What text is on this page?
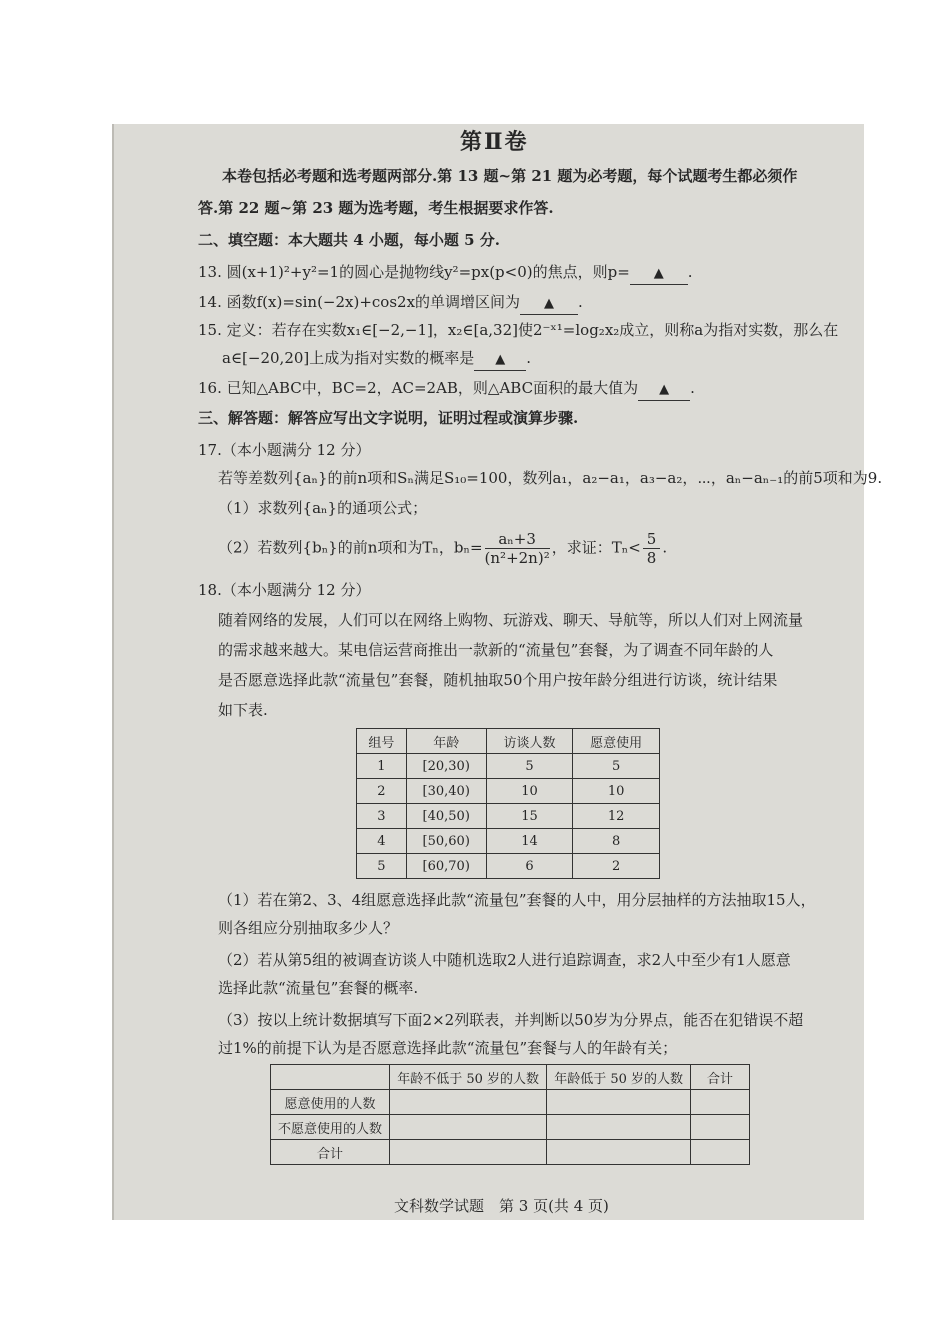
第Ⅱ卷
本卷包括必考题和选考题两部分.第 13 题~第 21 题为必考题，每个试题考生都必须作
答.第 22 题~第 23 题为选考题，考生根据要求作答.
二、填空题：本大题共 4 小题，每小题 5 分.
13. 圆(x+1)²+y²=1的圆心是抛物线y²=px(p<0)的焦点，则p= ▲ .
14. 函数f(x)=sin(−2x)+cos2x的单调增区间为 ▲ .
15. 定义：若存在实数x₁∈[−2,−1]，x₂∈[a,32]使2⁻ˣ¹=log₂x₂成立，则称a为指对实数，那么在
a∈[−20,20]上成为指对实数的概率是 ▲ .
16. 已知△ABC中，BC=2，AC=2AB，则△ABC面积的最大值为 ▲ .
三、解答题：解答应写出文字说明，证明过程或演算步骤.
17.（本小题满分 12 分）
若等差数列{aₙ}的前n项和Sₙ满足S₁₀=100，数列a₁，a₂−a₁，a₃−a₂，⋯，aₙ−aₙ₋₁的前5项和为9.
（1）求数列{aₙ}的通项公式；
（2）若数列{bₙ}的前n项和为Tₙ，$b_n= \frac{\text{aₙ+3}}{\text{(n²+2n)²}}$ ，求证：$T_n< \frac{5}{8}$ .
18.（本小题满分 12 分）
随着网络的发展，人们可以在网络上购物、玩游戏、聊天、导航等，所以人们对上网流量
的需求越来越大。某电信运营商推出一款新的“流量包”套餐，为了调查不同年龄的人
是否愿意选择此款“流量包”套餐，随机抽取50个用户按年龄分组进行访谈，统计结果
如下表.
组号	年龄	访谈人数	愿意使用
1	[20,30)	5	5
2	[30,40)	10	10
3	[40,50)	15	12
4	[50,60)	14	8
5	[60,70)	6	2
（1）若在第2、3、4组愿意选择此款“流量包”套餐的人中，用分层抽样的方法抽取15人，
则各组应分别抽取多少人？
（2）若从第5组的被调查访谈人中随机选取2人进行追踪调查，求2人中至少有1人愿意
选择此款“流量包”套餐的概率.
（3）按以上统计数据填写下面2×2列联表，并判断以50岁为分界点，能否在犯错误不超
过1%的前提下认为是否愿意选择此款“流量包”套餐与人的年龄有关；
	年龄不低于 50 岁的人数	年龄低于 50 岁的人数	合计
愿意使用的人数			
不愿意使用的人数			
合计			
文科数学试题　第 3 页(共 4 页)
